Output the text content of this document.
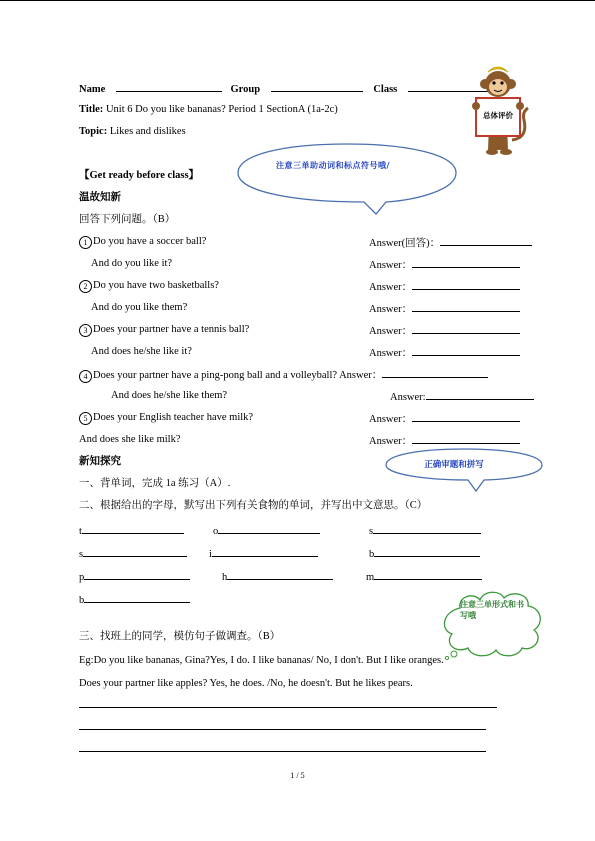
Name	Group	Class
Title: Unit 6 Do you like bananas? Period 1 SectionA (1a-2c)
Topic: Likes and dislikes
总体评价
注意三单助动词和标点符号哦/
【Get ready before class】
温故知新
回答下列问题。（B）
1 Do you have a soccer ball?	Answer(回答)：
And do you like it?	Answer：
2 Do you have two basketballs?	Answer：
And do you like them?	Answer：
3 Does your partner have a tennis ball?	Answer：
And does he/she like it?	Answer：
4 Does your partner have a ping-pong ball and a volleyball? Answer：
And does he/she like them?	Answer:
5 Does your English teacher have milk?	Answer：
And does she like milk?	Answer：
正确审题和拼写
新知探究
一、背单词，完成 1a 练习（A）.
二、根据给出的字母，默写出下列有关食物的单词，并写出中文意思。（C）
t	o	s
s	i	b
p	h	m
b	注意三单形式和书写哦
三、找班上的同学，模仿句子做调查。（B）
Eg:Do you like bananas, Gina?Yes, I do. I like bananas/ No, I don't. But I like oranges.
Does your partner like apples? Yes, he does. /No, he doesn't. But he likes pears.
1 / 5
